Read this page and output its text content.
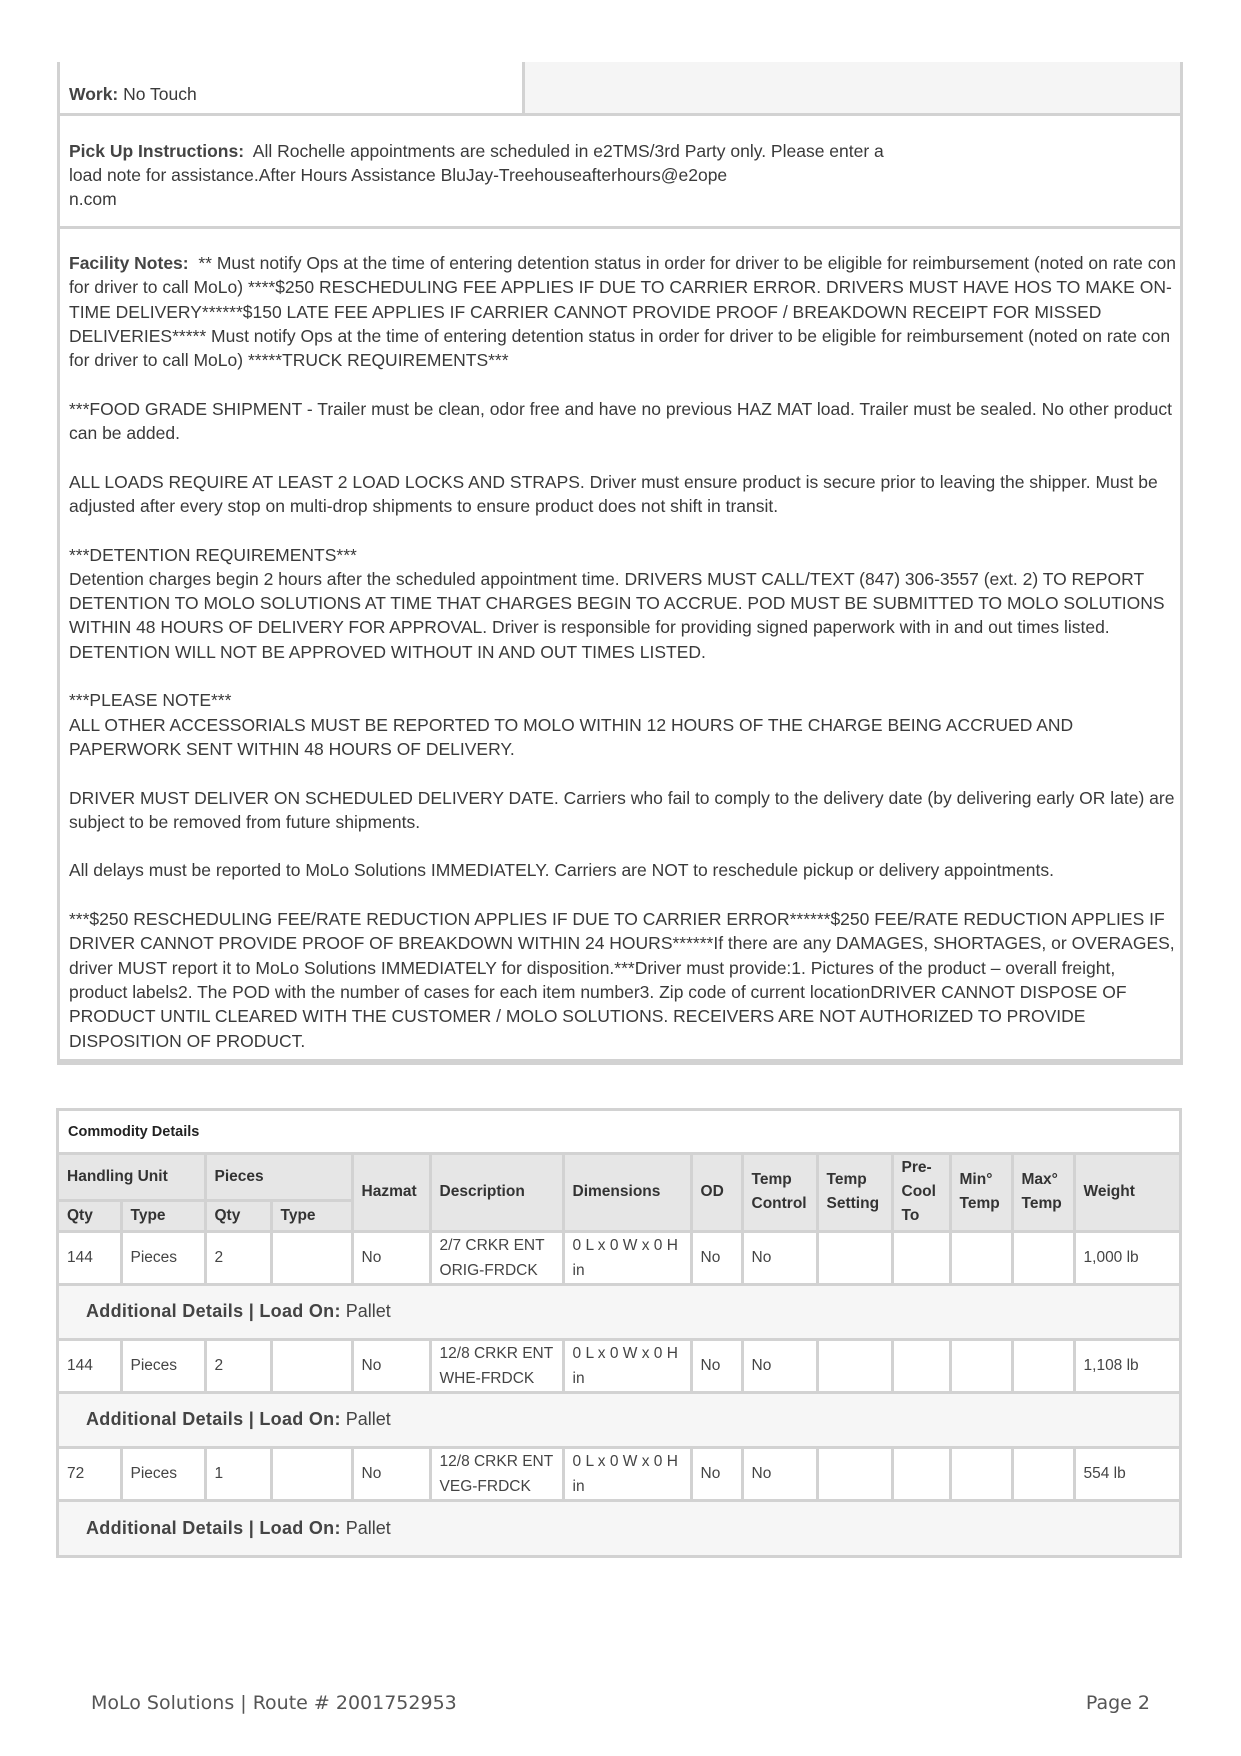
Work: No Touch
Pick Up Instructions: All Rochelle appointments are scheduled in e2TMS/3rd Party only. Please enter a
load note for assistance.After Hours Assistance BluJay-Treehouseafterhours@e2ope
n.com

Facility Notes: ** Must notify Ops at the time of entering detention status in order for driver to be eligible for reimbursement (noted on rate con for driver to call MoLo) ****$250 RESCHEDULING FEE APPLIES IF DUE TO CARRIER ERROR. DRIVERS MUST HAVE HOS TO MAKE ON-TIME DELIVERY******$150 LATE FEE APPLIES IF CARRIER CANNOT PROVIDE PROOF / BREAKDOWN RECEIPT FOR MISSED DELIVERIES***** Must notify Ops at the time of entering detention status in order for driver to be eligible for reimbursement (noted on rate con for driver to call MoLo) *****TRUCK REQUIREMENTS***

***FOOD GRADE SHIPMENT - Trailer must be clean, odor free and have no previous HAZ MAT load. Trailer must be sealed. No other product can be added.

ALL LOADS REQUIRE AT LEAST 2 LOAD LOCKS AND STRAPS. Driver must ensure product is secure prior to leaving the shipper. Must be adjusted after every stop on multi-drop shipments to ensure product does not shift in transit.

***DETENTION REQUIREMENTS***

Detention charges begin 2 hours after the scheduled appointment time. DRIVERS MUST CALL/TEXT (847) 306-3557 (ext. 2) TO REPORT DETENTION TO MOLO SOLUTIONS AT TIME THAT CHARGES BEGIN TO ACCRUE. POD MUST BE SUBMITTED TO MOLO SOLUTIONS WITHIN 48 HOURS OF DELIVERY FOR APPROVAL. Driver is responsible for providing signed paperwork with in and out times listed. DETENTION WILL NOT BE APPROVED WITHOUT IN AND OUT TIMES LISTED.

***PLEASE NOTE***

ALL OTHER ACCESSORIALS MUST BE REPORTED TO MOLO WITHIN 12 HOURS OF THE CHARGE BEING ACCRUED AND PAPERWORK SENT WITHIN 48 HOURS OF DELIVERY.

DRIVER MUST DELIVER ON SCHEDULED DELIVERY DATE. Carriers who fail to comply to the delivery date (by delivering early OR late) are subject to be removed from future shipments.

All delays must be reported to MoLo Solutions IMMEDIATELY. Carriers are NOT to reschedule pickup or delivery appointments.

***$250 RESCHEDULING FEE/RATE REDUCTION APPLIES IF DUE TO CARRIER ERROR******$250 FEE/RATE REDUCTION APPLIES IF DRIVER CANNOT PROVIDE PROOF OF BREAKDOWN WITHIN 24 HOURS******If there are any DAMAGES, SHORTAGES, or OVERAGES, driver MUST report it to MoLo Solutions IMMEDIATELY for disposition.***Driver must provide:1. Pictures of the product – overall freight, product labels2. The POD with the number of cases for each item number3. Zip code of current locationDRIVER CANNOT DISPOSE OF PRODUCT UNTIL CLEARED WITH THE CUSTOMER / MOLO SOLUTIONS. RECEIVERS ARE NOT AUTHORIZED TO PROVIDE DISPOSITION OF PRODUCT.

Commodity Details
Handling Unit		Pieces		Hazmat	Description	Dimensions	OD	Temp Control	Temp Setting	Pre-Cool To	Min° Temp	Max° Temp	Weight
Qty	Type	Qty	Type										
144	Pieces	2		No	2/7 CRKR ENT ORIG-FRDCK	0 L x 0 W x 0 H in	No	No					1,000 lb
Additional Details | Load On: Pallet													
144	Pieces	2		No	12/8 CRKR ENT WHE-FRDCK	0 L x 0 W x 0 H in	No	No					1,108 lb
Additional Details | Load On: Pallet													
72	Pieces	1		No	12/8 CRKR ENT VEG-FRDCK	0 L x 0 W x 0 H in	No	No					554 lb
Additional Details | Load On: Pallet													
MoLo Solutions | Route # 2001752953	Page 2
